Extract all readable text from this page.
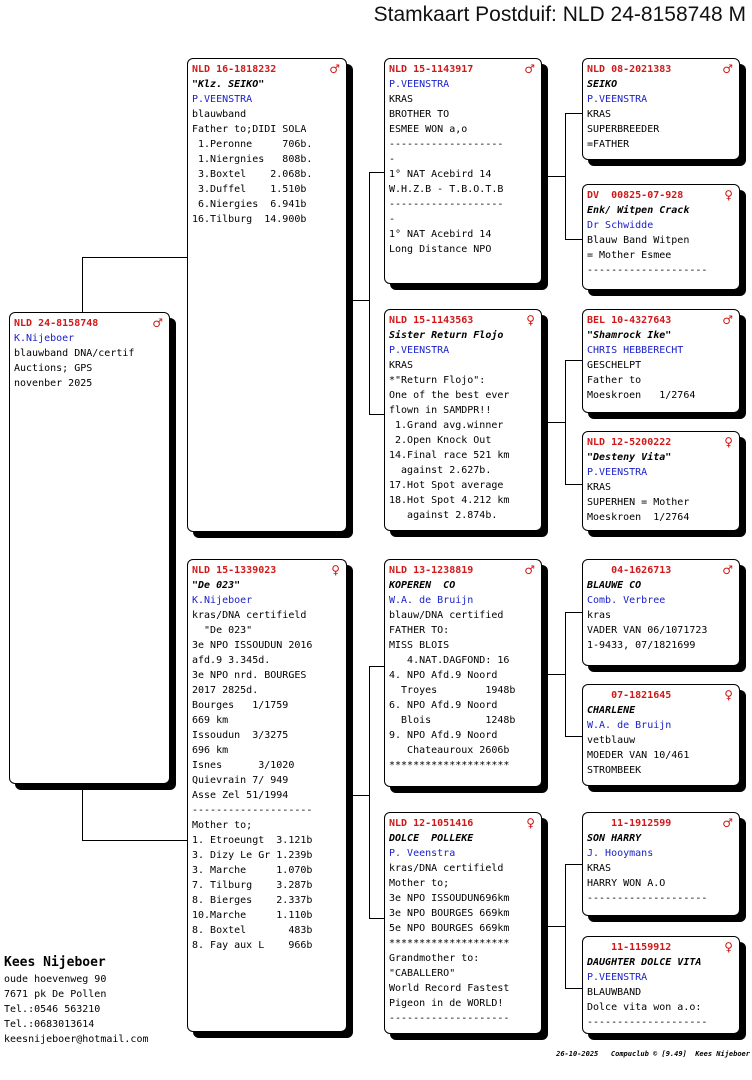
Stamkaart Postduif: NLD 24-8158748 M
NLD 24-8158748	♂
K.Nijeboer
blauwband DNA/certif
Auctions; GPS
novenber 2025
NLD 16-1818232	♂
"Klz. SEIKO"
P.VEENSTRA
blauwband
Father to;DIDI SOLA
1.Peronne     706b.
1.Niergnies   808b.
3.Boxtel    2.068b.
3.Duffel    1.510b
6.Niergies  6.941b
16.Tilburg  14.900b
NLD 15-1339023	♀
"De 023"
K.Nijeboer
kras/DNA certifield
"De 023"
3e NPO ISSOUDUN 2016
afd.9 3.345d.
3e NPO nrd. BOURGES
2017 2825d.
Bourges   1/1759
669 km
Issoudun  3/3275
696 km
Isnes      3/1020
Quievrain 7/ 949
Asse Zel 51/1994
--------------------
Mother to;
1. Etroeungt  3.121b
3. Dizy Le Gr 1.239b
3. Marche     1.070b
7. Tilburg    3.287b
8. Bierges    2.337b
10.Marche     1.110b
8. Boxtel       483b
8. Fay aux L    966b
NLD 15-1143917	♂
P.VEENSTRA
KRAS
BROTHER TO
ESMEE WON a,o
-------------------
-
1° NAT Acebird 14
W.H.Z.B - T.B.O.T.B
-------------------
-
1° NAT Acebird 14
Long Distance NPO
NLD 15-1143563	♀
Sister Return Flojo
P.VEENSTRA
KRAS
*"Return Flojo":
One of the best ever
flown in SAMDPR!!
1.Grand avg.winner
2.Open Knock Out
14.Final race 521 km
against 2.627b.
17.Hot Spot average
18.Hot Spot 4.212 km
against 2.874b.
NLD 13-1238819	♂
KOPEREN  CO
W.A. de Bruijn
blauw/DNA certified
FATHER TO:
MISS BLOIS
4.NAT.DAGFOND: 16
4. NPO Afd.9 Noord
Troyes        1948b
6. NPO Afd.9 Noord
Blois         1248b
9. NPO Afd.9 Noord
Chateauroux 2606b
********************
NLD 12-1051416	♀
DOLCE  POLLEKE
P. Veenstra
kras/DNA certifield
Mother to;
3e NPO ISSOUDUN696km
3e NPO BOURGES 669km
5e NPO BOURGES 669km
********************
Grandmother to:
"CABALLERO"
World Record Fastest
Pigeon in de WORLD!
--------------------
NLD 08-2021383	♂
SEIKO
P.VEENSTRA
KRAS
SUPERBREEDER
=FATHER
DV  00825-07-928	♀
Enk/ Witpen Crack
Dr Schwidde
Blauw Band Witpen
= Mother Esmee
--------------------
BEL 10-4327643	♂
"Shamrock Ike"
CHRIS HEBBERECHT
GESCHELPT
Father to
Moeskroen   1/2764
NLD 12-5200222	♀
"Desteny Vita"
P.VEENSTRA
KRAS
SUPERHEN = Mother
Moeskroen  1/2764
04-1626713	♂
BLAUWE CO
Comb. Verbree
kras
VADER VAN 06/1071723
1-9433, 07/1821699
07-1821645	♀
CHARLENE
W.A. de Bruijn
vetblauw
MOEDER VAN 10/461
STROMBEEK
11-1912599	♂
SON HARRY
J. Hooymans
KRAS
HARRY WON A.O
--------------------
11-1159912	♀
DAUGHTER DOLCE VITA
P.VEENSTRA
BLAUWBAND
Dolce vita won a.o:
--------------------
Kees Nijeboer
oude hoevenweg 90
7671 pk De Pollen
Tel.:0546 563210
Tel.:0683013614
keesnijeboer@hotmail.com
26-10-2025   Compuclub © [9.49]  Kees Nijeboer
